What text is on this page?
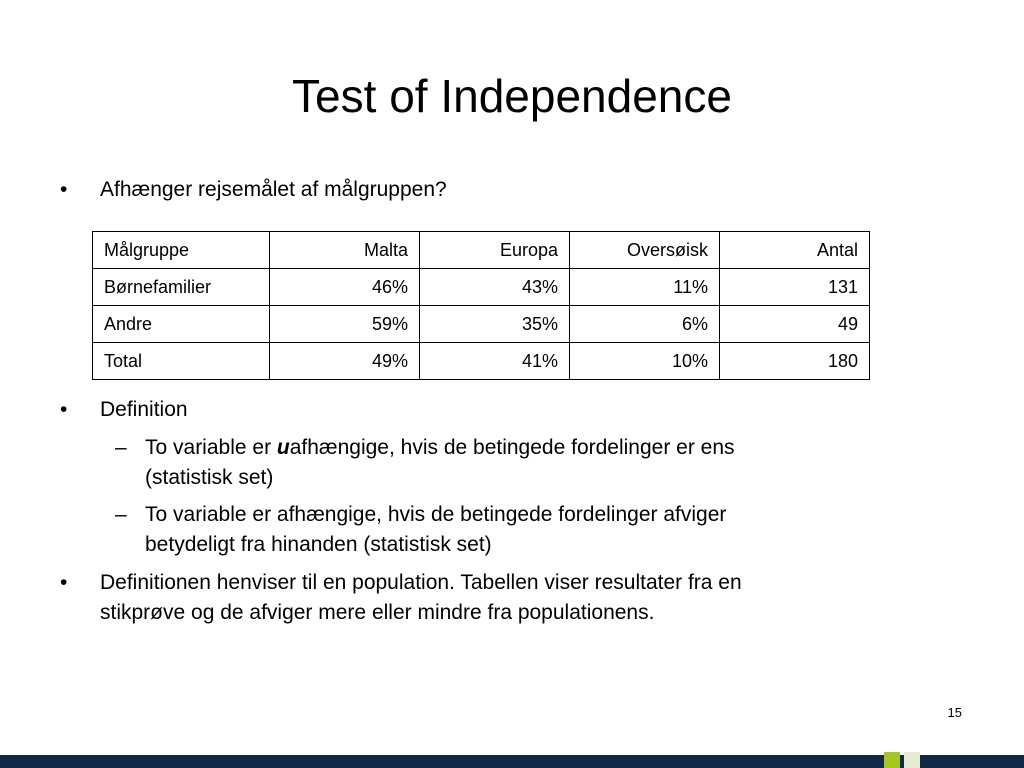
Test of Independence
• Afhænger rejsemålet af målgruppen?
Målgruppe	Malta	Europa	Oversøisk	Antal
Børnefamilier	46%	43%	11%	131
Andre	59%	35%	6%	49
Total	49%	41%	10%	180
• Definition
– To variable er uafhængige, hvis de betingede fordelinger er ens
(statistisk set)
– To variable er afhængige, hvis de betingede fordelinger afviger
betydeligt fra hinanden (statistisk set)
• Definitionen henviser til en population. Tabellen viser resultater fra en
stikprøve og de afviger mere eller mindre fra populationens.
15
